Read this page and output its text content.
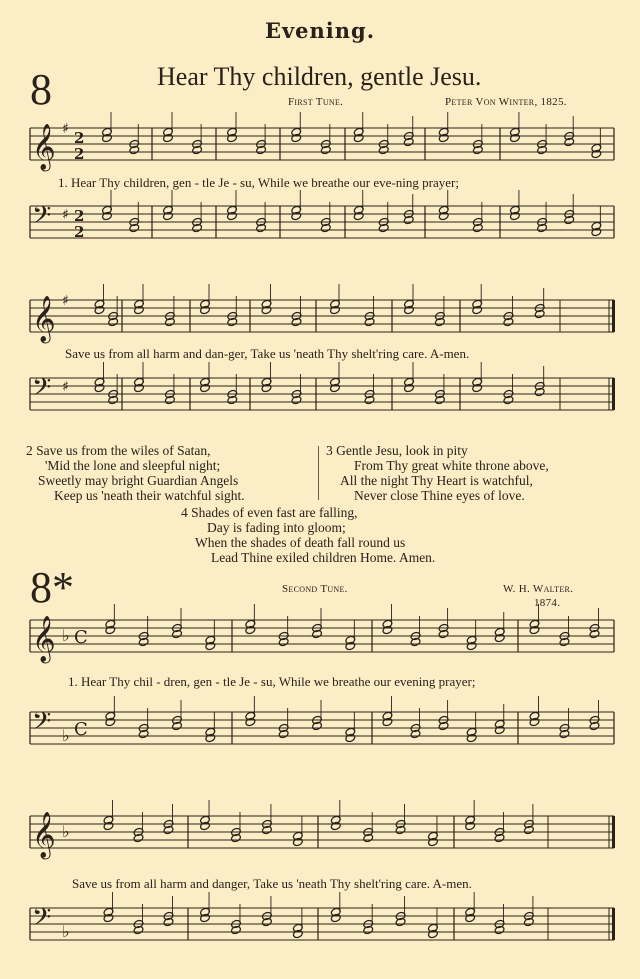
Evening.
8	Hear Thy children, gentle Jesu.
First Tune.	Peter Von Winter, 1825.
𝄞 ♯ 2
2
1. Hear Thy children, gen - tle Je - su, While we breathe our eve-ning prayer;
𝄢 ♯ 2
2
𝄞 ♯
Save us from all harm and dan-ger, Take us 'neath Thy shelt'ring care. A-men.
𝄢 ♯
2 Save us from the wiles of Satan,
'Mid the lone and sleepful night;
Sweetly may bright Guardian Angels
Keep us 'neath their watchful sight.
3 Gentle Jesu, look in pity
From Thy great white throne above,
All the night Thy Heart is watchful,
Never close Thine eyes of love.
4 Shades of even fast are falling,
Day is fading into gloom;
When the shades of death fall round us
Lead Thine exiled children Home. Amen.
8*	Second Tune.	W. H. Walter.
1874.
𝄞 ♭ C
1. Hear Thy chil - dren, gen - tle Je - su, While we breathe our evening prayer;
𝄢 ♭ C
𝄞 ♭
Save us from all harm and danger, Take us 'neath Thy shelt'ring care. A-men.
𝄢 ♭
